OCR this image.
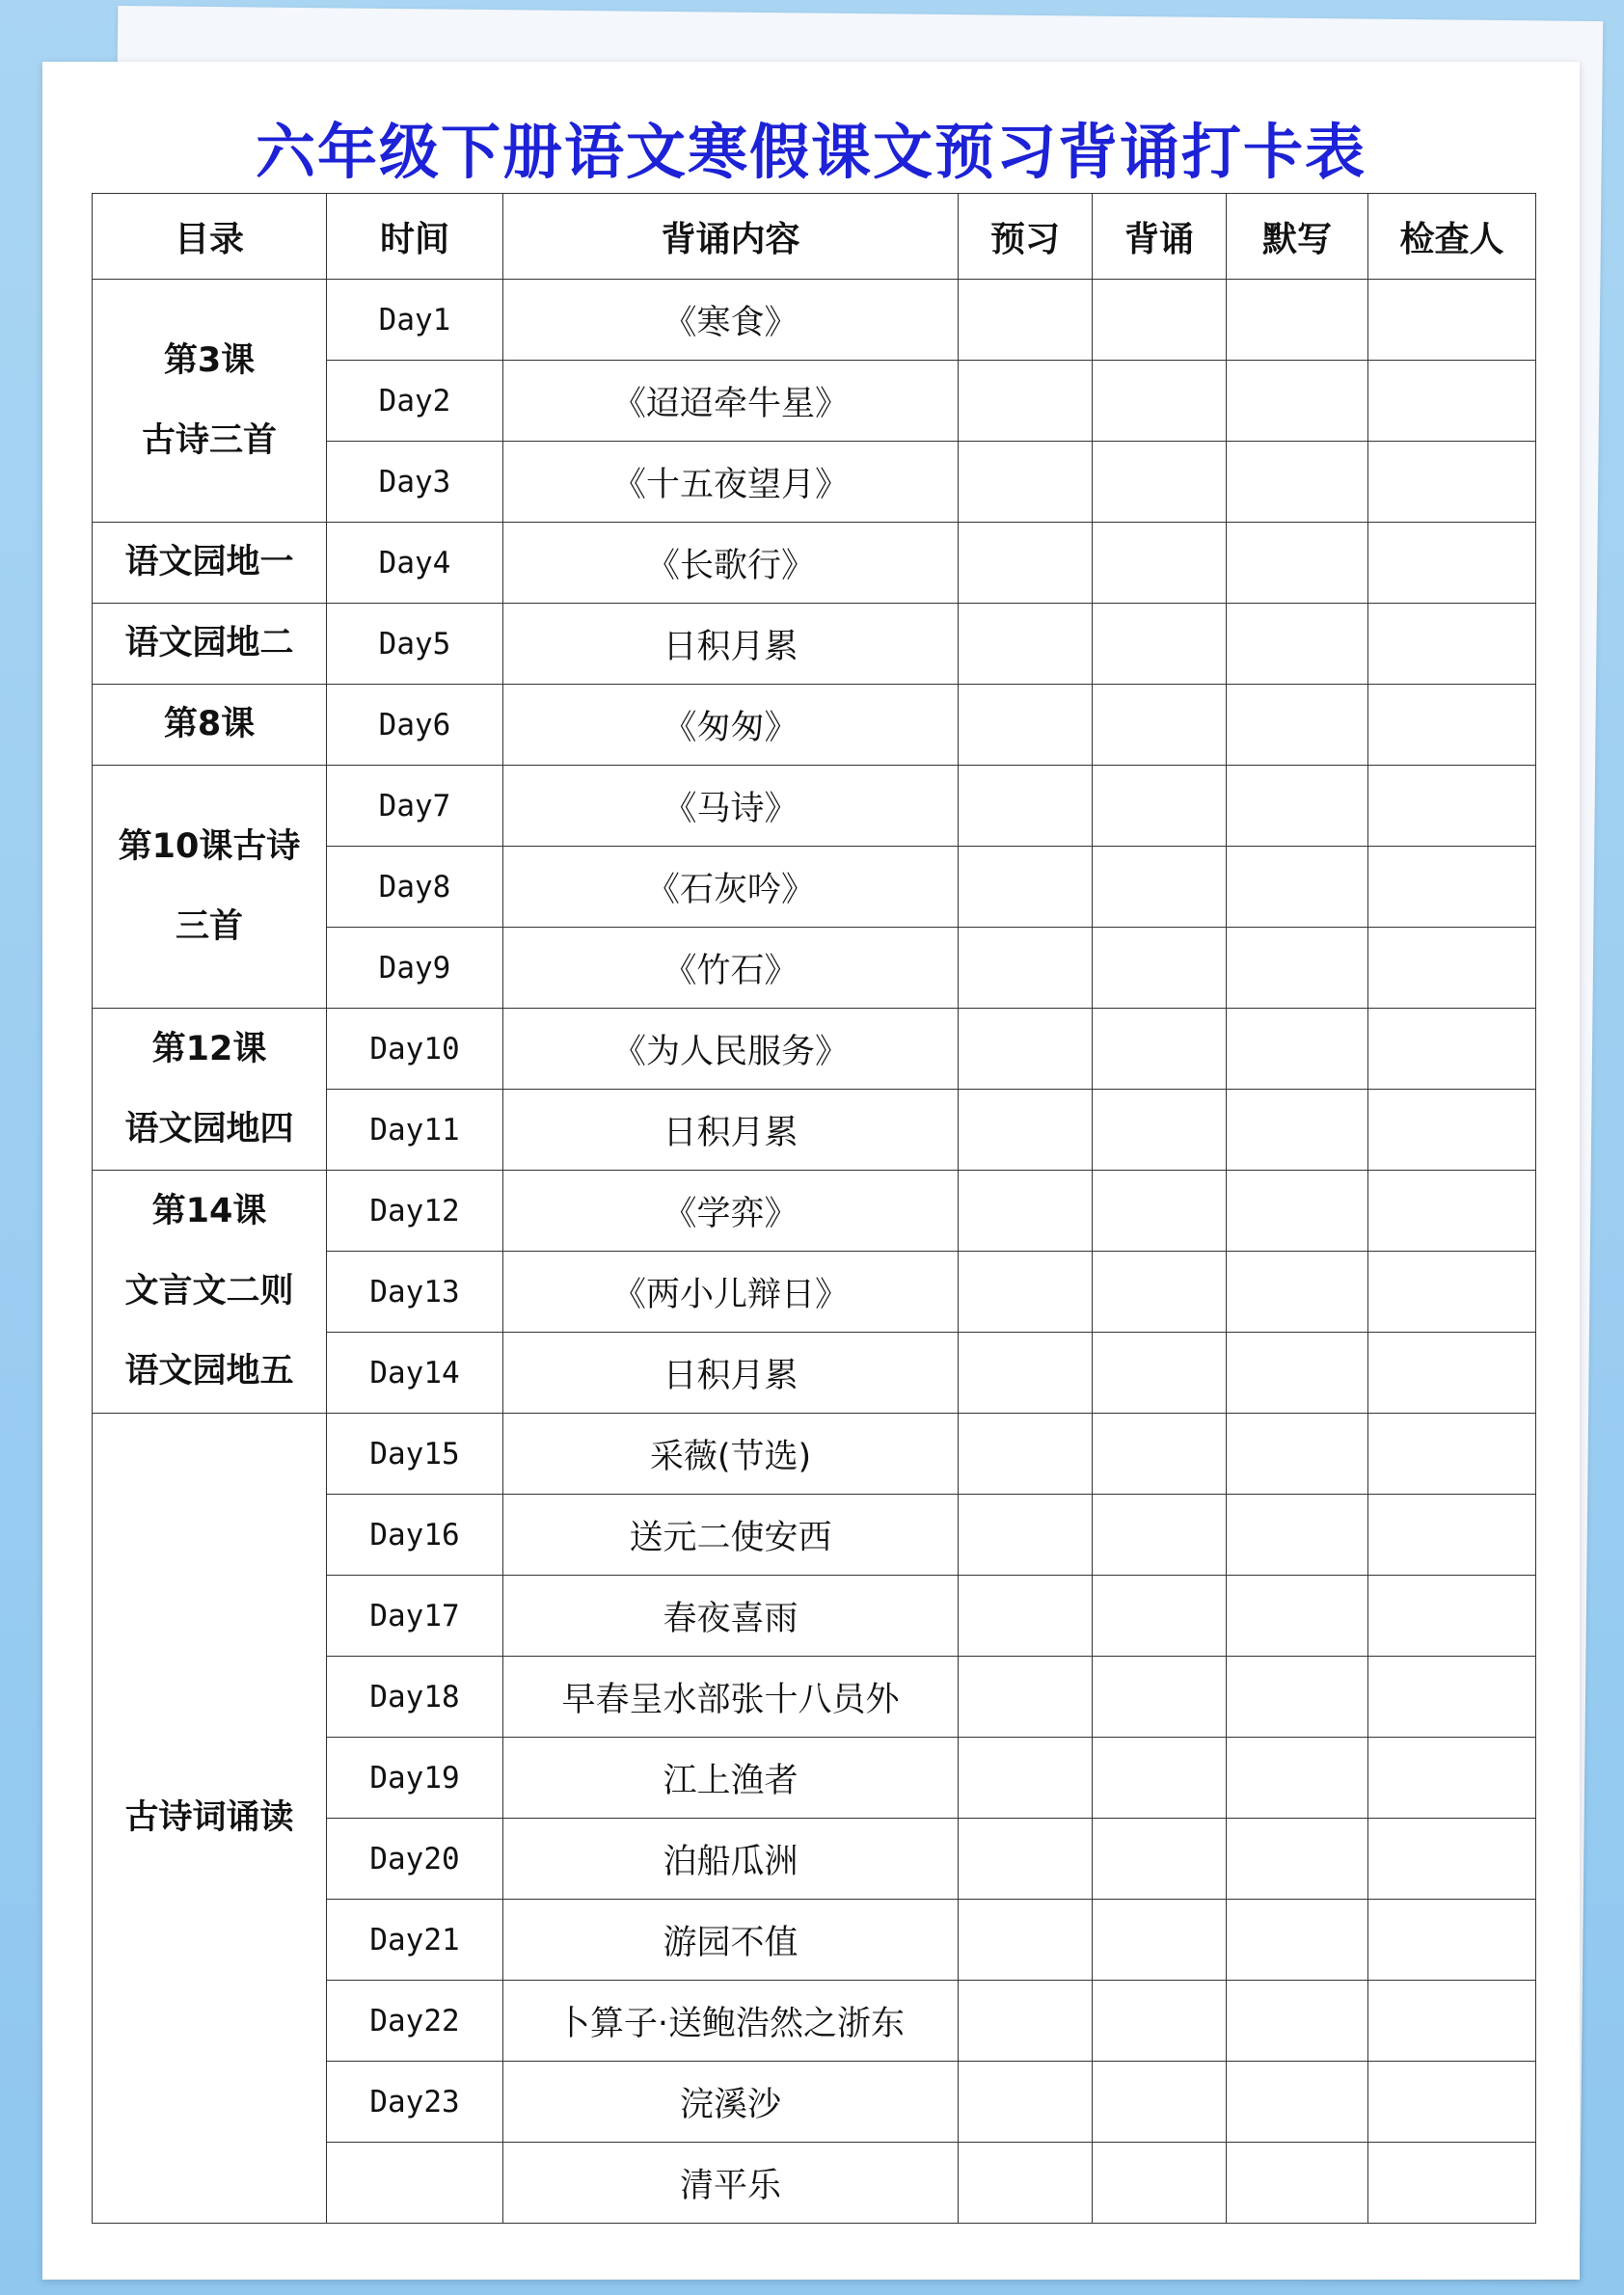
六年级下册语文寒假课文预习背诵打卡表
目录	时间	背诵内容	预习	背诵	默写	检查人

第3课
古诗三首	Day1	《寒食》				
	Day2	《迢迢牵牛星》				
	Day3	《十五夜望月》				

语文园地一	Day4	《长歌行》				

语文园地二	Day5	日积月累				

第8课	Day6	《匆匆》				

第10课古诗
三首	Day7	《马诗》				
	Day8	《石灰吟》				
	Day9	《竹石》				

第12课
语文园地四	Day10	《为人民服务》				
	Day11	日积月累				

第14课
文言文二则
语文园地五	Day12	《学弈》				
	Day13	《两小儿辩日》				
	Day14	日积月累				

古诗词诵读	Day15	采薇(节选)				
	Day16	送元二使安西				
	Day17	春夜喜雨				
	Day18	早春呈水部张十八员外				
	Day19	江上渔者				
	Day20	泊船瓜洲				
	Day21	游园不值				
	Day22	卜算子·送鲍浩然之浙东				
	Day23	浣溪沙				
		清平乐				
